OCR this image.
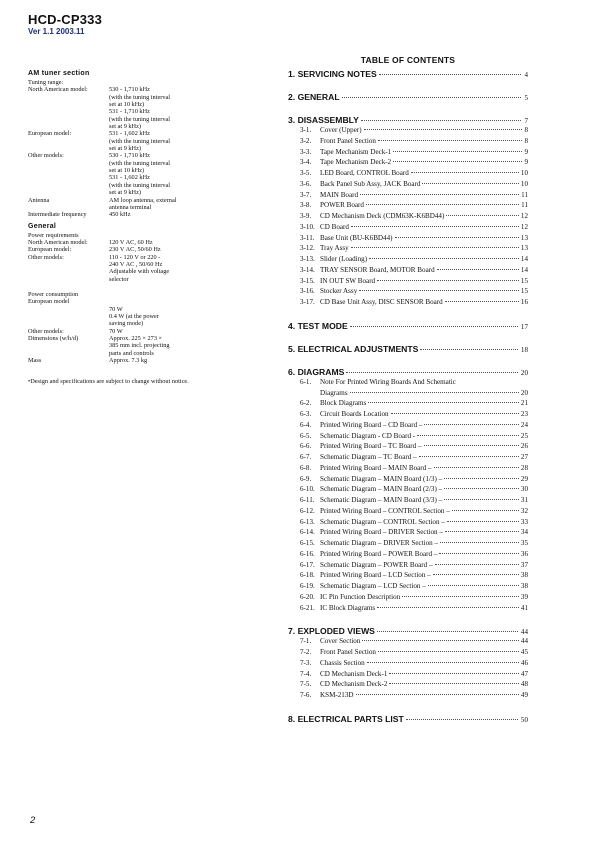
HCD-CP333
Ver 1.1 2003.11
AM tuner section
Tuning range:
North American model:	530 - 1,710 kHz
(with the tuning interval
set at 10 kHz)
531 - 1,710 kHz
(with the tuning interval
set at 9 kHz)
European model:	531 - 1,602 kHz
(with the tuning interval
set at 9 kHz)
Other models:	530 - 1,710 kHz
(with the tuning interval
set at 10 kHz)
531 - 1,602 kHz
(with the tuning interval
set at 9 kHz)
Antenna	AM loop antenna, external
antenna terminal
Intermediate frequency	450 kHz
General
Power requirements
North American model:	120 V AC, 60 Hz
European model:	230 V AC, 50/60 Hz
Other models:	110 - 120 V or 220 -
240 V AC , 50/60 Hz
Adjustable with voltage
selector
Power consumption
European model
70 W
0.4 W (at the power
saving mode)
Other models:	70 W
Dimensions (w/h/d)	Approx. 225 × 273 ×
385 mm incl. projecting
parts and controls
Mass	Approx. 7.3 kg
•Design and specifications are subject to change without notice.
TABLE OF CONTENTS
1.
SERVICING NOTES	4
2.
GENERAL	5
3.
DISASSEMBLY	7
3-1.	Cover (Upper)	8
3-2.	Front Panel Section	8
3-3.	Tape Mechanism Deck-1	9
3-4.	Tape Mechanism Deck-2	9
3-5.	LED Board, CONTROL Board	10
3-6.	Back Panel Sub Assy, JACK Board	10
3-7.	MAIN Board	11
3-8.	POWER Board	11
3-9.	CD Mechanism Deck (CDM63K-K6BD44)	12
3-10. CD Board	12
3-11. Base Unit (BU-K6BD44)	13
3-12. Tray Assy	13
3-13. Slider (Loading)	14
3-14. TRAY SENSOR Board, MOTOR Board	14
3-15. IN OUT SW Board	15
3-16. Stocker Assy	15
3-17. CD Base Unit Assy, DISC SENSOR Board	16
4.
TEST MODE	17
5.
ELECTRICAL ADJUSTMENTS	18
6.
DIAGRAMS	20
6-1.	Note For Printed Wiring Boards And Schematic
Diagrams	20
6-2.	Block Diagrams	21
6-3.	Circuit Boards Location	23
6-4.	Printed Wiring Board – CD Board –	24
6-5.	Schematic Diagram - CD Board -	25
6-6.	Printed Wiring Board – TC Board –	26
6-7.	Schematic Diagram – TC Board –	27
6-8.	Printed Wiring Board – MAIN Board –	28
6-9.	Schematic Diagram – MAIN Board (1/3) –	29
6-10. Schematic Diagram – MAIN Board (2/3) –	30
6-11. Schematic Diagram – MAIN Board (3/3) –	31
6-12. Printed Wiring Board – CONTROL Section –	32
6-13. Schematic Diagram – CONTROL Section –	33
6-14. Printed Wiring Board – DRIVER Section –	34
6-15. Schematic Diagram – DRIVER Section –	35
6-16. Printed Wiring Board – POWER Board –	36
6-17. Schematic Diagram – POWER Board –	37
6-18. Printed Wiring Board – LCD Section –	38
6-19. Schematic Diagram – LCD Section –	38
6-20. IC Pin Function Description	39
6-21. IC Block Diagrams	41
7.
EXPLODED VIEWS	44
7-1.	Cover Section	44
7-2.	Front Panel Section	45
7-3.	Chassis Section	46
7-4.	CD Mechanism Deck-1	47
7-5.	CD Mechanism Deck-2	48
7-6.	KSM-213D	49
8.
ELECTRICAL PARTS LIST	50
2
